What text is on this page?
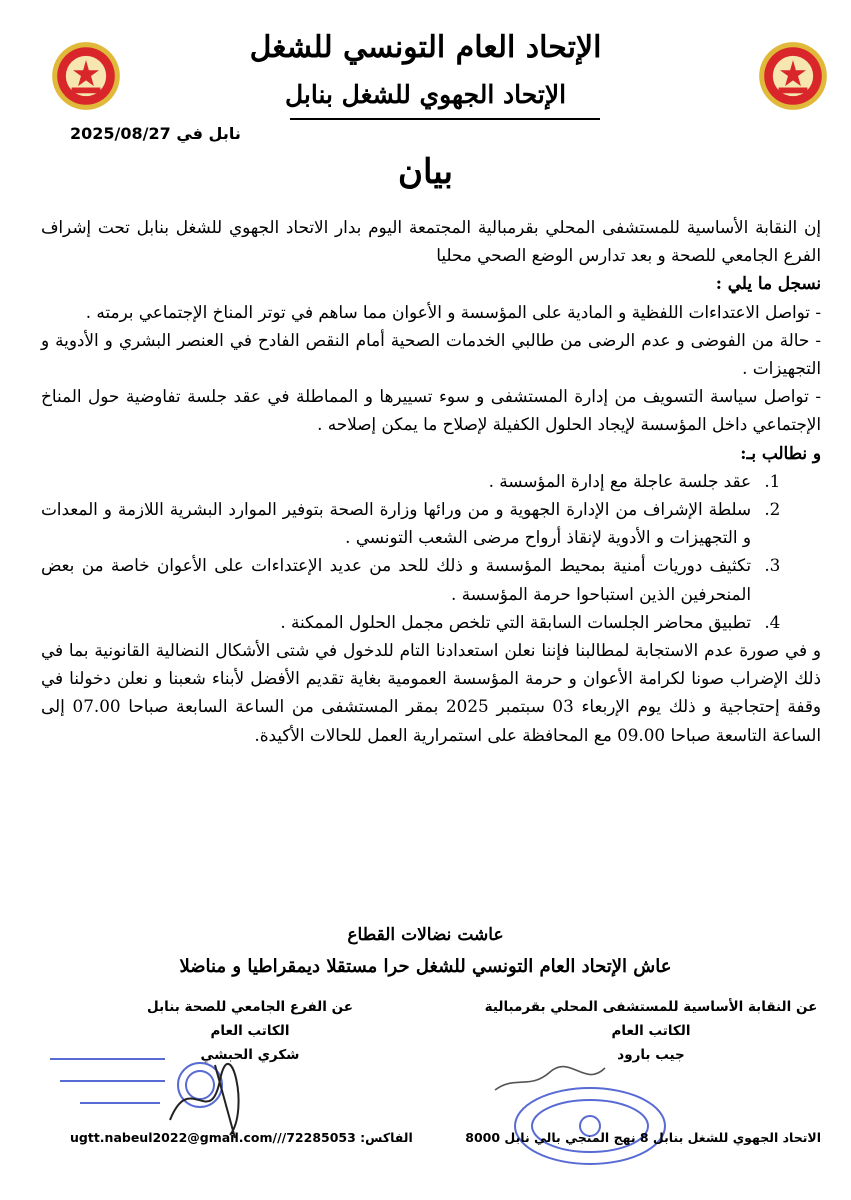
الإتحاد العام التونسي للشغل
الإتحاد الجهوي للشغل بنابل
نابل في 2025/08/27
بيان

إن النقابة الأساسية للمستشفى المحلي بقرمبالية المجتمعة اليوم بدار الاتحاد الجهوي للشغل بنابل تحت إشراف الفرع الجامعي للصحة و بعد تدارس الوضع الصحي محليا

نسجل ما يلي :

- تواصل الاعتداءات اللفظية و المادية على المؤسسة و الأعوان مما ساهم في توتر المناخ الإجتماعي برمته .

- حالة من الفوضى و عدم الرضى من طالبي الخدمات الصحية أمام النقص الفادح في العنصر البشري و الأدوية و التجهيزات .

- تواصل سياسة التسويف من إدارة المستشفى و سوء تسييرها و المماطلة في عقد جلسة تفاوضية حول المناخ الإجتماعي داخل المؤسسة لإيجاد الحلول الكفيلة لإصلاح ما يمكن إصلاحه .

و نطالب بـ:

1. عقد جلسة عاجلة مع إدارة المؤسسة .
2. سلطة الإشراف من الإدارة الجهوية و من ورائها وزارة الصحة بتوفير الموارد البشرية اللازمة و المعدات و التجهيزات و الأدوية لإنقاذ أرواح مرضى الشعب التونسي .
3. تكثيف دوريات أمنية بمحيط المؤسسة و ذلك للحد من عديد الإعتداءات على الأعوان خاصة من بعض المنحرفين الذين استباحوا حرمة المؤسسة .
4. تطبيق محاضر الجلسات السابقة التي تلخص مجمل الحلول الممكنة .

و في صورة عدم الاستجابة لمطالبنا فإننا نعلن استعدادنا التام للدخول في شتى الأشكال النضالية القانونية بما في ذلك الإضراب صونا لكرامة الأعوان و حرمة المؤسسة العمومية بغاية تقديم الأفضل لأبناء شعبنا و نعلن دخولنا في وقفة إحتجاجية و ذلك يوم الإربعاء 03 سبتمبر 2025 بمقر المستشفى من الساعة السابعة صباحا 07.00 إلى الساعة التاسعة صباحا 09.00 مع المحافظة على استمرارية العمل للحالات الأكيدة.

عاشت نضالات القطاع
عاش الإتحاد العام التونسي للشغل حرا مستقلا ديمقراطيا و مناضلا
عن النقابة الأساسية للمستشفى المحلي بقرمبالية
الكاتب العام
جيب بارود
عن الفرع الجامعي للصحة بنابل
الكاتب العام
شكري الحبشي
الاتحاد الجهوي للشغل بنابل 8 نهج المنجي بالي نابل 8000
ugtt.nabeul2022@gmail.com///72285053 :الفاكس
